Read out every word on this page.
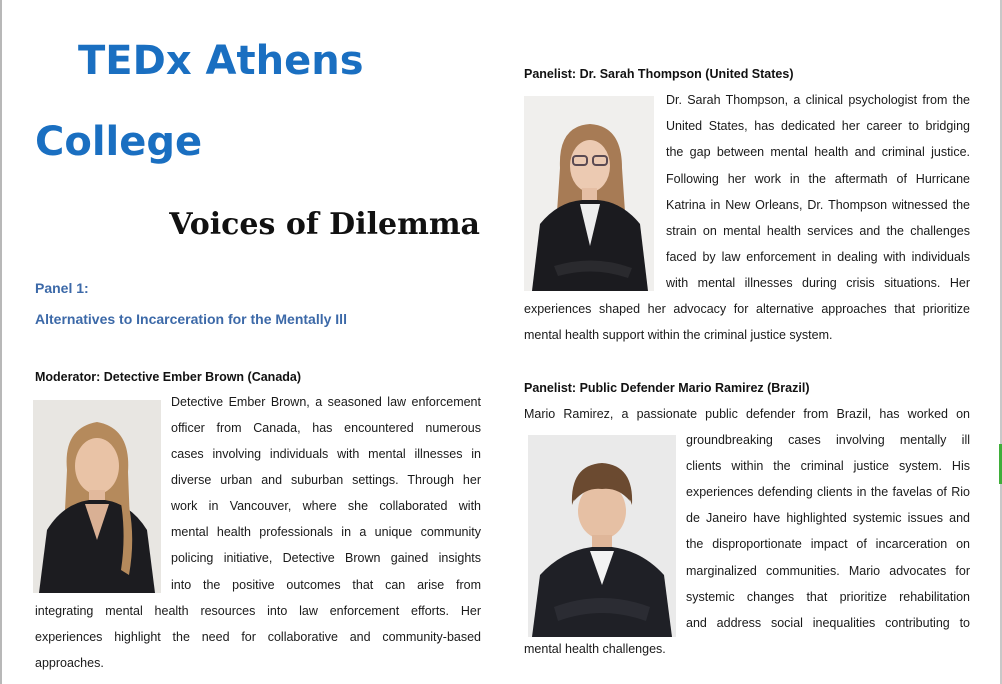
TEDx Athens
College
Voices of Dilemma

Panel 1:

Alternatives to Incarceration for the Mentally Ill

Moderator: Detective Ember Brown (Canada)

Detective Ember Brown, a seasoned law enforcement

officer from Canada, has encountered numerous

cases involving individuals with mental illnesses in

diverse urban and suburban settings. Through her

work in Vancouver, where she collaborated with

mental health professionals in a unique community

policing initiative, Detective Brown gained insights

into the positive outcomes that can arise from

integrating mental health resources into law enforcement efforts. Her

experiences highlight the need for collaborative and community-based

approaches.

Panelist: Dr. Sarah Thompson (United States)

Dr. Sarah Thompson, a clinical psychologist from the

United States, has dedicated her career to bridging

the gap between mental health and criminal justice.

Following her work in the aftermath of Hurricane

Katrina in New Orleans, Dr. Thompson witnessed the

strain on mental health services and the challenges

faced by law enforcement in dealing with individuals

with mental illnesses during crisis situations. Her

experiences shaped her advocacy for alternative approaches that prioritize

mental health support within the criminal justice system.

Panelist: Public Defender Mario Ramirez (Brazil)

Mario Ramirez, a passionate public defender from Brazil, has worked on

groundbreaking cases involving mentally ill

clients within the criminal justice system. His

experiences defending clients in the favelas of Rio

de Janeiro have highlighted systemic issues and

the disproportionate impact of incarceration on

marginalized communities. Mario advocates for

systemic changes that prioritize rehabilitation

and address social inequalities contributing to

mental health challenges.
